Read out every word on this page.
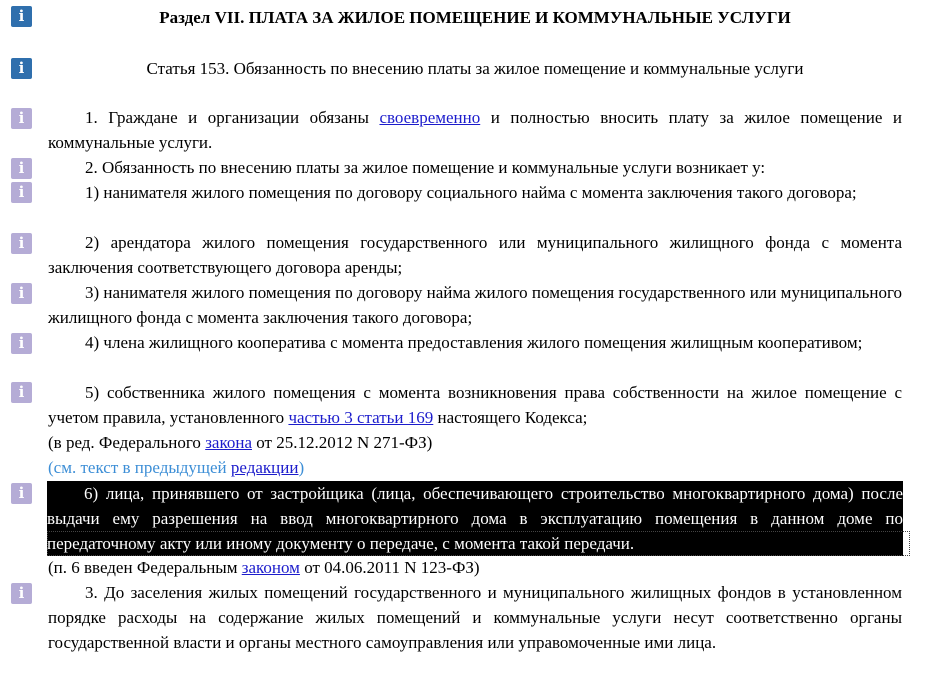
i
i
i
i
i
i
i
i
i
i
i
Раздел VII. ПЛАТА ЗА ЖИЛОЕ ПОМЕЩЕНИЕ И КОММУНАЛЬНЫЕ УСЛУГИ
Статья 153. Обязанность по внесению платы за жилое помещение и коммунальные услуги
1. Граждане и организации обязаны своевременно и полностью вносить плату за жилое помещение и коммунальные услуги.
2. Обязанность по внесению платы за жилое помещение и коммунальные услуги возникает у:
1) нанимателя жилого помещения по договору социального найма с момента заключения такого договора;
2) арендатора жилого помещения государственного или муниципального жилищного фонда с момента заключения соответствующего договора аренды;
3) нанимателя жилого помещения по договору найма жилого помещения государственного или муниципального жилищного фонда с момента заключения такого договора;
4) члена жилищного кооператива с момента предоставления жилого помещения жилищным кооперативом;
5) собственника жилого помещения с момента возникновения права собственности на жилое помещение с учетом правила, установленного частью 3 статьи 169 настоящего Кодекса;
(в ред. Федерального закона от 25.12.2012 N 271-ФЗ)
(см. текст в предыдущей редакции)
6) лица, принявшего от застройщика (лица, обеспечивающего строительство многоквартирного дома) после выдачи ему разрешения на ввод многоквартирного дома в эксплуатацию помещения в данном доме по передаточному акту или иному документу о передаче, с момента такой передачи.
(п. 6 введен Федеральным законом от 04.06.2011 N 123-ФЗ)
3. До заселения жилых помещений государственного и муниципального жилищных фондов в установленном порядке расходы на содержание жилых помещений и коммунальные услуги несут соответственно органы государственной власти и органы местного самоуправления или управомоченные ими лица.
